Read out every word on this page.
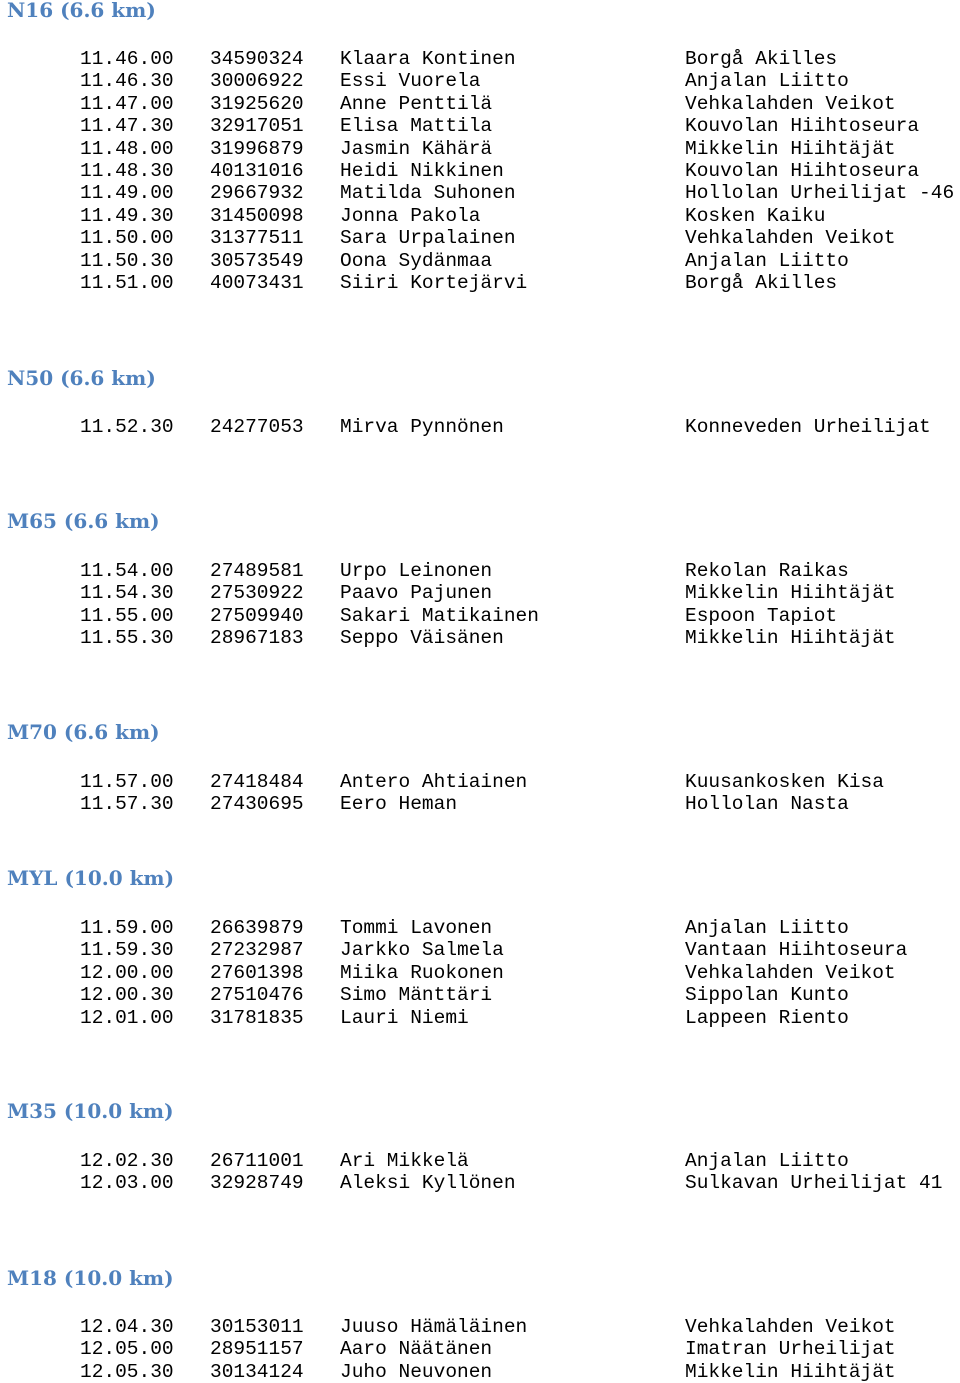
N16 (6.6 km)
11.46.00 34590324 Klaara Kontinen	Borgå Akilles
11.46.30 30006922 Essi Vuorela	Anjalan Liitto
11.47.00 31925620 Anne Penttilä	Vehkalahden Veikot
11.47.30 32917051 Elisa Mattila	Kouvolan Hiihtoseura
11.48.00 31996879 Jasmin Kähärä	Mikkelin Hiihtäjät
11.48.30 40131016 Heidi Nikkinen	Kouvolan Hiihtoseura
11.49.00 29667932 Matilda Suhonen	Hollolan Urheilijat -46
11.49.30 31450098 Jonna Pakola	Kosken Kaiku
11.50.00 31377511 Sara Urpalainen	Vehkalahden Veikot
11.50.30 30573549 Oona Sydänmaa	Anjalan Liitto
11.51.00 40073431 Siiri Kortejärvi	Borgå Akilles
N50 (6.6 km)
11.52.30 24277053 Mirva Pynnönen	Konneveden Urheilijat
M65 (6.6 km)
11.54.00 27489581 Urpo Leinonen	Rekolan Raikas
11.54.30 27530922 Paavo Pajunen	Mikkelin Hiihtäjät
11.55.00 27509940 Sakari Matikainen	Espoon Tapiot
11.55.30 28967183 Seppo Väisänen	Mikkelin Hiihtäjät
M70 (6.6 km)
11.57.00 27418484 Antero Ahtiainen	Kuusankosken Kisa
11.57.30 27430695 Eero Heman	Hollolan Nasta
MYL (10.0 km)
11.59.00 26639879 Tommi Lavonen	Anjalan Liitto
11.59.30 27232987 Jarkko Salmela	Vantaan Hiihtoseura
12.00.00 27601398 Miika Ruokonen	Vehkalahden Veikot
12.00.30 27510476 Simo Mänttäri	Sippolan Kunto
12.01.00 31781835 Lauri Niemi	Lappeen Riento
M35 (10.0 km)
12.02.30 26711001 Ari Mikkelä	Anjalan Liitto
12.03.00 32928749 Aleksi Kyllönen	Sulkavan Urheilijat 41
M18 (10.0 km)
12.04.30 30153011 Juuso Hämäläinen	Vehkalahden Veikot
12.05.00 28951157 Aaro Näätänen	Imatran Urheilijat
12.05.30 30134124 Juho Neuvonen	Mikkelin Hiihtäjät
